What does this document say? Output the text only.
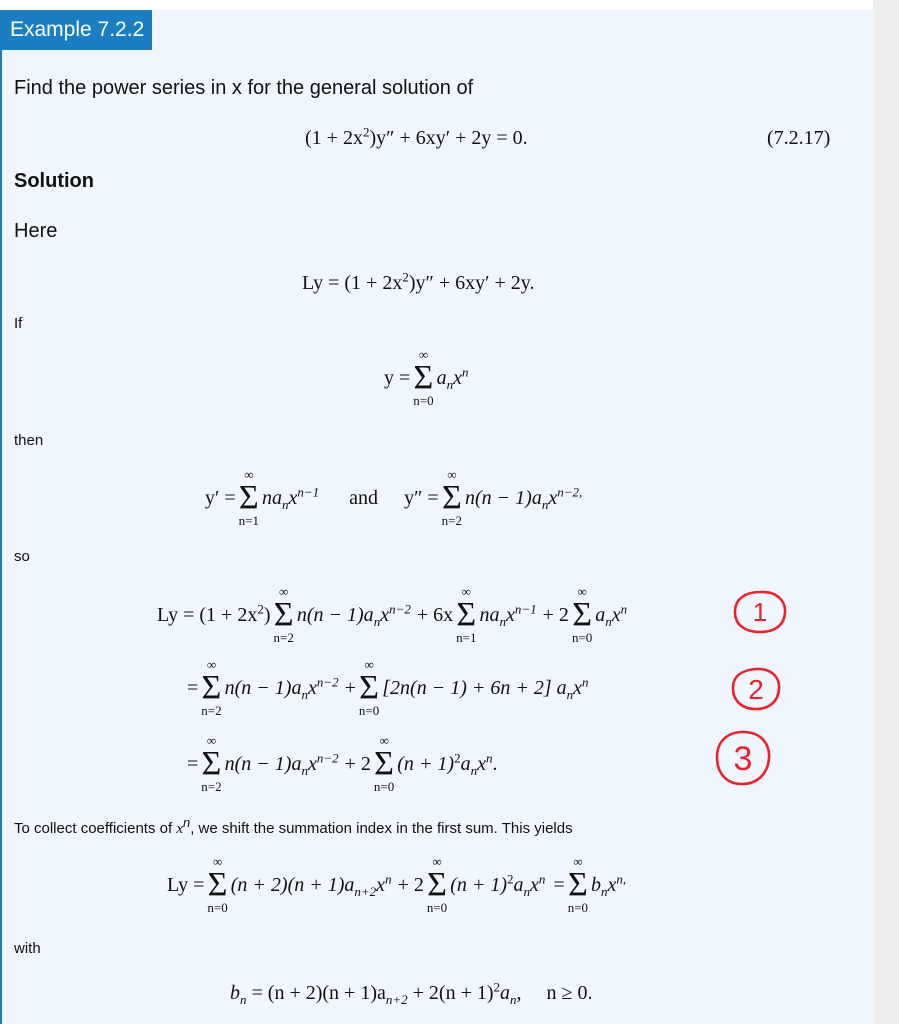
Example 7.2.2
Find the power series in x for the general solution of
$(1 + 2x^2)y'' + 6xy' + 2y = 0$.	(7.2.17)
Solution
Here
$Ly = (1 + 2x^2)y'' + 6xy' + 2y$.
If
y =
∞
Σ
n=0
$a_nx^n$
then
y′ =
∞
Σ
n=1
$na_nx^{n-1}$ and y″ =
∞
Σ
n=2
$n(n - 1)a_nx^{n-2,}$
so
$Ly = (1 + 2x^2)$
∞
Σ
n=2
$n(n - 1)a_nx^{n-2} + 6x$
∞
Σ
n=1
$na_nx^{n-1} + 2$
∞
Σ
n=0
$a_nx^n$
=
∞
Σ
n=2
$n(n - 1)a_nx^{n-2}$ +
∞
Σ
n=0
[2n(n − 1) + 6n + 2] $a_nx^n$
=
∞
Σ
n=2
$n(n - 1)a_nx^{n-2} + 2$
∞
Σ
n=0
$(n + 1)^2a_nx^n$.
1
2
3
To collect coefficients of $x^n$, we shift the summation index in the first sum. This yields
Ly =
∞
Σ
n=0
$(n + 2)(n + 1)a_{n+2}x^n + 2$
∞
Σ
n=0
$(n + 1)^2a_nx^n$ =
∞
Σ
n=0
$b_nx^{n,}$
with
$b_n = (n + 2)(n + 1)a_{n+2} + 2(n + 1)^2a_n$,     n ≥ 0.
